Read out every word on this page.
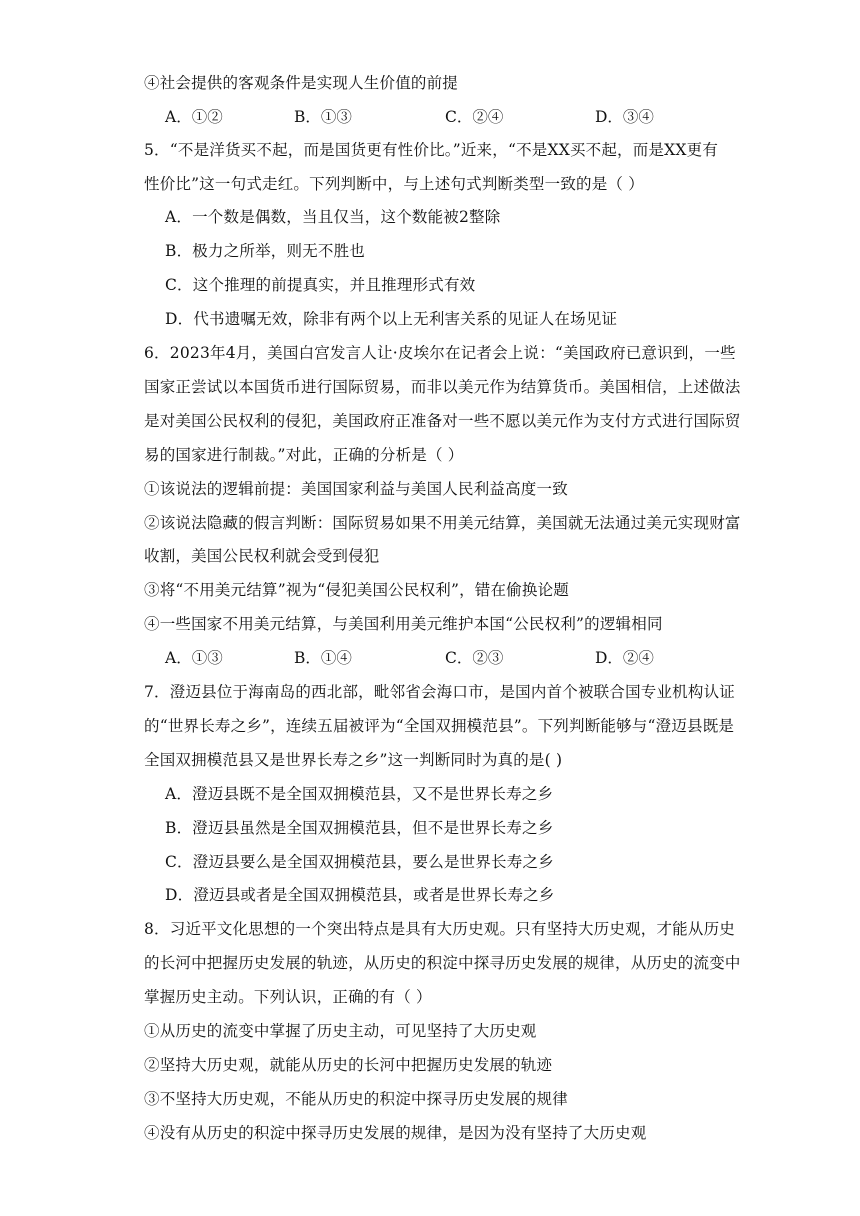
④社会提供的客观条件是实现人生价值的前提
A．①②	B．①③	C．②④	D．③④
5．“不是洋货买不起，而是国货更有性价比。”近来，“不是XX买不起，而是XX更有
性价比”这一句式走红。下列判断中，与上述句式判断类型一致的是（ ）
A．一个数是偶数，当且仅当，这个数能被2整除
B．极力之所举，则无不胜也
C．这个推理的前提真实，并且推理形式有效
D．代书遗嘱无效，除非有两个以上无利害关系的见证人在场见证
6．2023年4月，美国白宫发言人让·皮埃尔在记者会上说：“美国政府已意识到，一些
国家正尝试以本国货币进行国际贸易，而非以美元作为结算货币。美国相信，上述做法
是对美国公民权利的侵犯，美国政府正准备对一些不愿以美元作为支付方式进行国际贸
易的国家进行制裁。”对此，正确的分析是（ ）
①该说法的逻辑前提：美国国家利益与美国人民利益高度一致
②该说法隐藏的假言判断：国际贸易如果不用美元结算，美国就无法通过美元实现财富
收割，美国公民权利就会受到侵犯
③将“不用美元结算”视为“侵犯美国公民权利”，错在偷换论题
④一些国家不用美元结算，与美国利用美元维护本国“公民权利”的逻辑相同
A．①③	B．①④	C．②③	D．②④
7．澄迈县位于海南岛的西北部，毗邻省会海口市，是国内首个被联合国专业机构认证
的“世界长寿之乡”，连续五届被评为“全国双拥模范县”。下列判断能够与“澄迈县既是
全国双拥模范县又是世界长寿之乡”这一判断同时为真的是( )
A．澄迈县既不是全国双拥模范县，又不是世界长寿之乡
B．澄迈县虽然是全国双拥模范县，但不是世界长寿之乡
C．澄迈县要么是全国双拥模范县，要么是世界长寿之乡
D．澄迈县或者是全国双拥模范县，或者是世界长寿之乡
8．习近平文化思想的一个突出特点是具有大历史观。只有坚持大历史观，才能从历史
的长河中把握历史发展的轨迹，从历史的积淀中探寻历史发展的规律，从历史的流变中
掌握历史主动。下列认识，正确的有（ ）
①从历史的流变中掌握了历史主动，可见坚持了大历史观
②坚持大历史观，就能从历史的长河中把握历史发展的轨迹
③不坚持大历史观，不能从历史的积淀中探寻历史发展的规律
④没有从历史的积淀中探寻历史发展的规律，是因为没有坚持了大历史观
